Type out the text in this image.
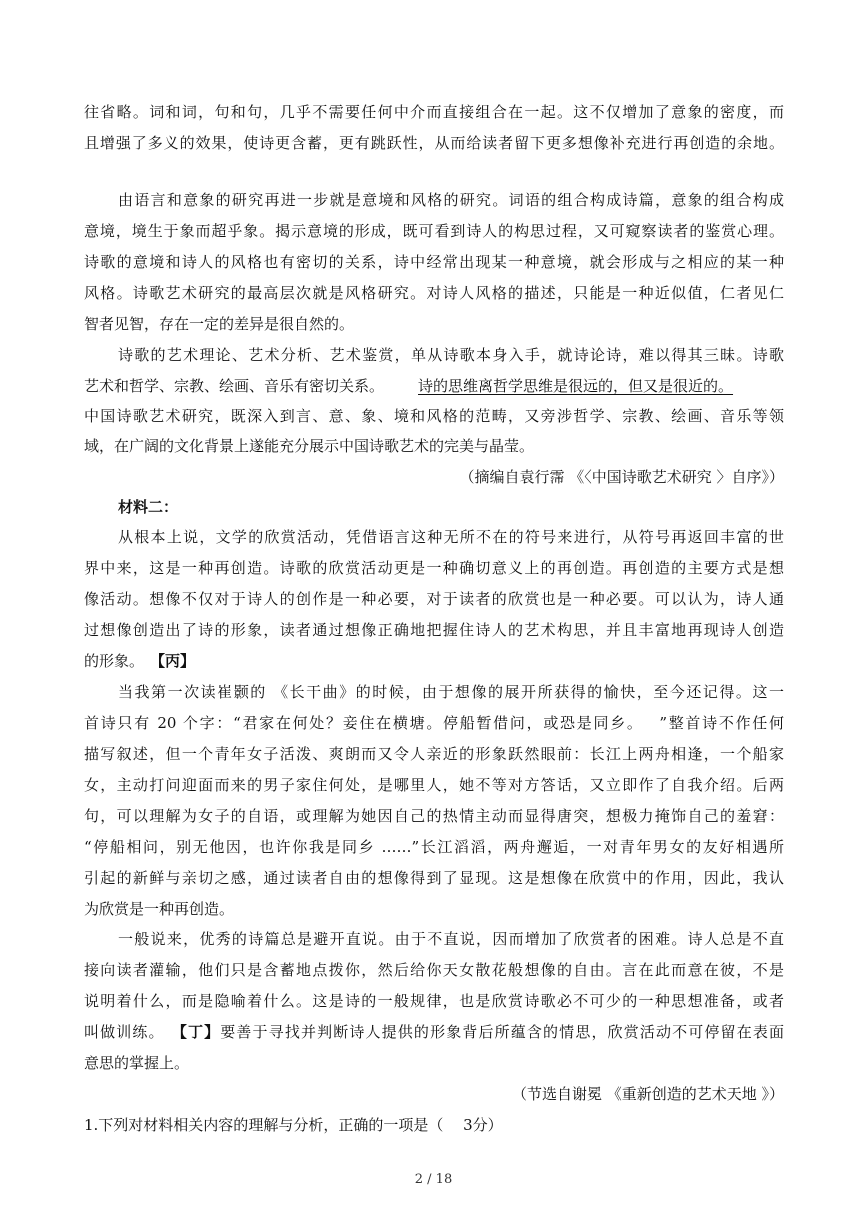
往省略。词和词，句和句，几乎不需要任何中介而直接组合在一起。这不仅增加了意象的密度，而
且增强了多义的效果，使诗更含蓄，更有跳跃性，从而给读者留下更多想像补充进行再创造的余地。
由语言和意象的研究再进一步就是意境和风格的研究。词语的组合构成诗篇，意象的组合构成
意境，境生于象而超乎象。揭示意境的形成，既可看到诗人的构思过程，又可窥察读者的鉴赏心理。
诗歌的意境和诗人的风格也有密切的关系，诗中经常出现某一种意境，就会形成与之相应的某一种
风格。诗歌艺术研究的最高层次就是风格研究。对诗人风格的描述，只能是一种近似值，仁者见仁
智者见智，存在一定的差异是很自然的。
诗歌的艺术理论、艺术分析、艺术鉴赏，单从诗歌本身入手，就诗论诗，难以得其三昧。诗歌
艺术和哲学、宗教、绘画、音乐有密切关系。 诗的思维离哲学思维是很远的，但又是很近的。
中国诗歌艺术研究，既深入到言、意、象、境和风格的范畴，又旁涉哲学、宗教、绘画、音乐等领
域，在广阔的文化背景上遂能充分展示中国诗歌艺术的完美与晶莹。
（摘编自袁行霈 《〈中国诗歌艺术研究 〉自序》）
材料二：
从根本上说，文学的欣赏活动，凭借语言这种无所不在的符号来进行，从符号再返回丰富的世
界中来，这是一种再创造。诗歌的欣赏活动更是一种确切意义上的再创造。再创造的主要方式是想
像活动。想像不仅对于诗人的创作是一种必要，对于读者的欣赏也是一种必要。可以认为，诗人通
过想像创造出了诗的形象，读者通过想像正确地把握住诗人的艺术构思，并且丰富地再现诗人创造
的形象。 【丙】
当我第一次读崔颢的 《长干曲》的时候，由于想像的展开所获得的愉快，至今还记得。这一
首诗只有 20 个字：“君家在何处？妾住在横塘。停船暂借问，或恐是同乡。　 ”整首诗不作任何
描写叙述，但一个青年女子活泼、爽朗而又令人亲近的形象跃然眼前：长江上两舟相逢，一个船家
女，主动打问迎面而来的男子家住何处，是哪里人，她不等对方答话，又立即作了自我介绍。后两
句，可以理解为女子的自语，或理解为她因自己的热情主动而显得唐突，想极力掩饰自己的羞窘：
“停船相问，别无他因，也许你我是同乡 ……”长江滔滔，两舟邂逅，一对青年男女的友好相遇所
引起的新鲜与亲切之感，通过读者自由的想像得到了显现。这是想像在欣赏中的作用，因此，我认
为欣赏是一种再创造。
一般说来，优秀的诗篇总是避开直说。由于不直说，因而增加了欣赏者的困难。诗人总是不直
接向读者灌输，他们只是含蓄地点拨你，然后给你天女散花般想像的自由。言在此而意在彼，不是
说明着什么，而是隐喻着什么。这是诗的一般规律，也是欣赏诗歌必不可少的一种思想准备，或者
叫做训练。 【丁】要善于寻找并判断诗人提供的形象背后所蕴含的情思，欣赏活动不可停留在表面
意思的掌握上。
（节选自谢冕 《重新创造的艺术天地 》）
1.下列对材料相关内容的理解与分析，正确的一项是（　 3分）
2 / 18
